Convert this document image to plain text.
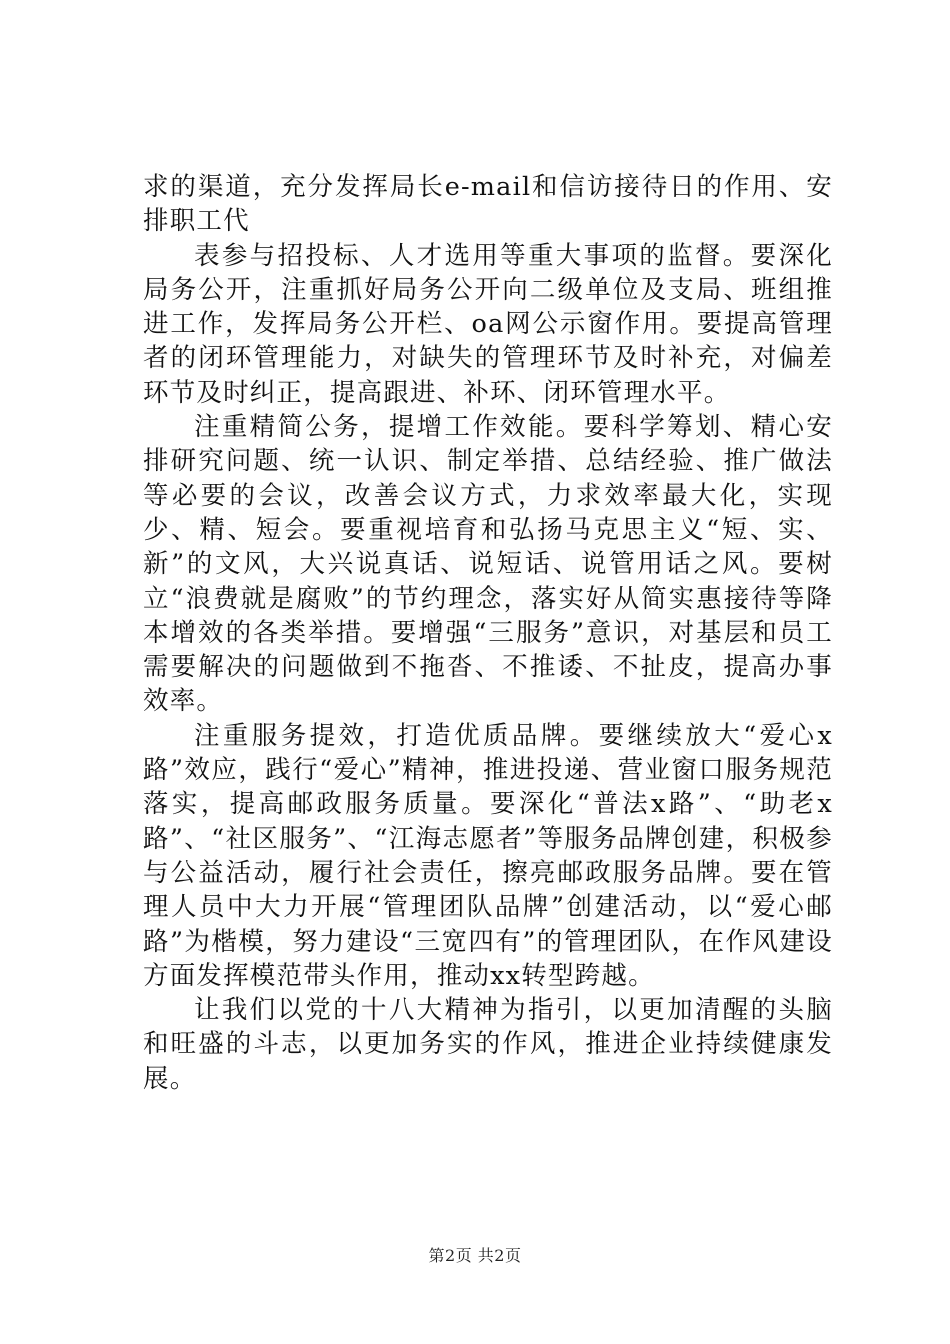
求的渠道，充分发挥局长e-mail和信访接待日的作用、安排职工代

表参与招投标、人才选用等重大事项的监督。要深化局务公开，注重抓好局务公开向二级单位及支局、班组推进工作，发挥局务公开栏、oa网公示窗作用。要提高管理者的闭环管理能力，对缺失的管理环节及时补充，对偏差环节及时纠正，提高跟进、补环、闭环管理水平。

注重精简公务，提增工作效能。要科学筹划、精心安排研究问题、统一认识、制定举措、总结经验、推广做法等必要的会议，改善会议方式，力求效率最大化，实现少、精、短会。要重视培育和弘扬马克思主义“短、实、新”的文风，大兴说真话、说短话、说管用话之风。要树立“浪费就是腐败”的节约理念，落实好从简实惠接待等降本增效的各类举措。要增强“三服务”意识，对基层和员工需要解决的问题做到不拖沓、不推诿、不扯皮，提高办事效率。

注重服务提效，打造优质品牌。要继续放大“爱心x路”效应，践行“爱心”精神，推进投递、营业窗口服务规范落实，提高邮政服务质量。要深化“普法x路”、“助老x路”、“社区服务”、“江海志愿者”等服务品牌创建，积极参与公益活动，履行社会责任，擦亮邮政服务品牌。要在管理人员中大力开展“管理团队品牌”创建活动，以“爱心邮路”为楷模，努力建设“三宽四有”的管理团队，在作风建设方面发挥模范带头作用，推动xx转型跨越。

让我们以党的十八大精神为指引，以更加清醒的头脑和旺盛的斗志，以更加务实的作风，推进企业持续健康发展。

第2页 共2页
